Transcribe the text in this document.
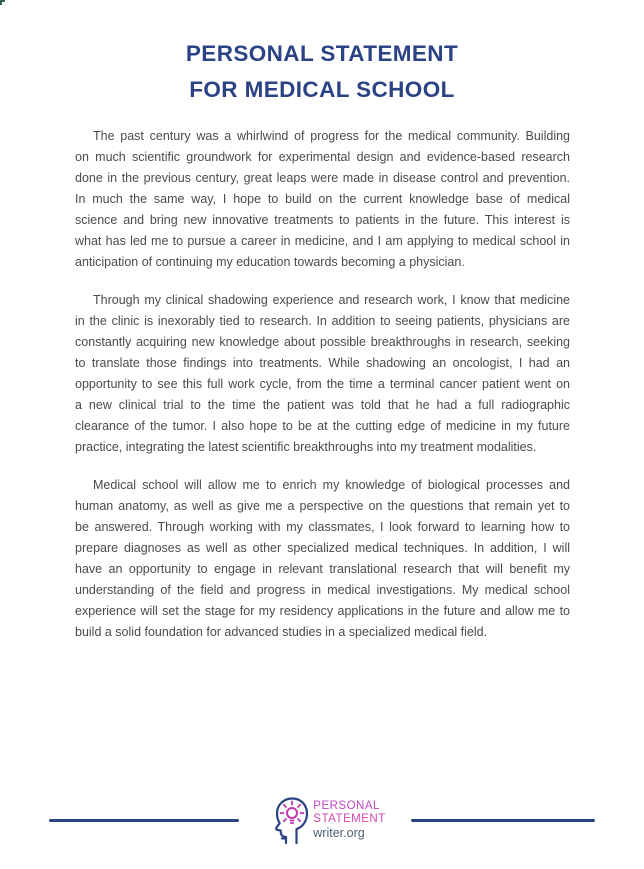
PERSONAL STATEMENT
FOR MEDICAL SCHOOL
The past century was a whirlwind of progress for the medical community. Building
on much scientific groundwork for experimental design and evidence-based research
done in the previous century, great leaps were made in disease control and prevention.
In much the same way, I hope to build on the current knowledge base of medical
science and bring new innovative treatments to patients in the future. This interest is
what has led me to pursue a career in medicine, and I am applying to medical school in
anticipation of continuing my education towards becoming a physician.
Through my clinical shadowing experience and research work, I know that medicine
in the clinic is inexorably tied to research. In addition to seeing patients, physicians are
constantly acquiring new knowledge about possible breakthroughs in research, seeking
to translate those findings into treatments. While shadowing an oncologist, I had an
opportunity to see this full work cycle, from the time a terminal cancer patient went on
a new clinical trial to the time the patient was told that he had a full radiographic
clearance of the tumor. I also hope to be at the cutting edge of medicine in my future
practice, integrating the latest scientific breakthroughs into my treatment modalities.
Medical school will allow me to enrich my knowledge of biological processes and
human anatomy, as well as give me a perspective on the questions that remain yet to
be answered. Through working with my classmates, I look forward to learning how to
prepare diagnoses as well as other specialized medical techniques. In addition, I will
have an opportunity to engage in relevant translational research that will benefit my
understanding of the field and progress in medical investigations. My medical school
experience will set the stage for my residency applications in the future and allow me to
build a solid foundation for advanced studies in a specialized medical field.
PERSONAL
STATEMENT
writer.org
